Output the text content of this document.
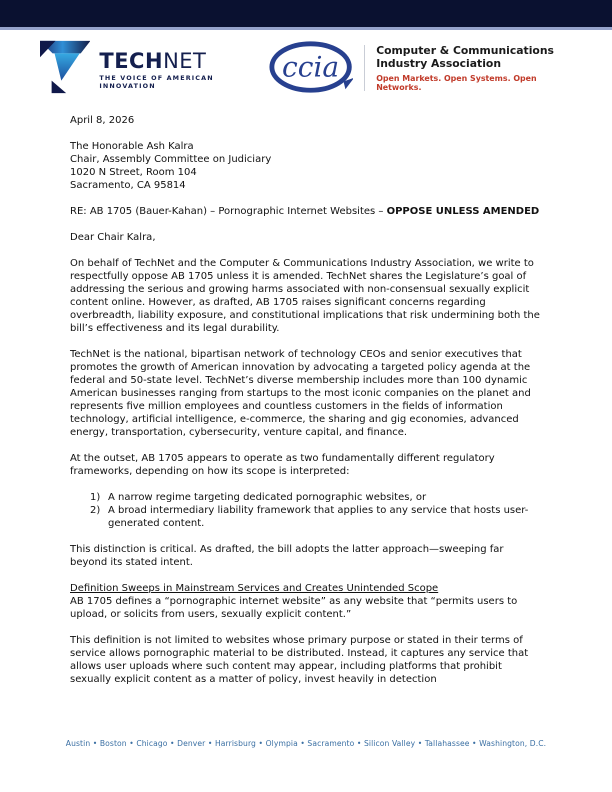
TECHNET
THE VOICE OF AMERICAN INNOVATION
ccia
Computer & Communications
Industry Association
Open Markets. Open Systems. Open Networks.

April 8, 2026

The Honorable Ash Kalra
Chair, Assembly Committee on Judiciary
1020 N Street, Room 104
Sacramento, CA 95814

RE: AB 1705 (Bauer-Kahan) – Pornographic Internet Websites – OPPOSE UNLESS AMENDED

Dear Chair Kalra,

On behalf of TechNet and the Computer & Communications Industry Association, we write to respectfully oppose AB 1705 unless it is amended. TechNet shares the Legislature’s goal of addressing the serious and growing harms associated with non-consensual sexually explicit content online. However, as drafted, AB 1705 raises significant concerns regarding overbreadth, liability exposure, and constitutional implications that risk undermining both the bill’s effectiveness and its legal durability.

TechNet is the national, bipartisan network of technology CEOs and senior executives that promotes the growth of American innovation by advocating a targeted policy agenda at the federal and 50-state level. TechNet’s diverse membership includes more than 100 dynamic American businesses ranging from startups to the most iconic companies on the planet and represents five million employees and countless customers in the fields of information technology, artificial intelligence, e-commerce, the sharing and gig economies, advanced energy, transportation, cybersecurity, venture capital, and finance.

At the outset, AB 1705 appears to operate as two fundamentally different regulatory frameworks, depending on how its scope is interpreted:

1) A narrow regime targeting dedicated pornographic websites, or
2) A broad intermediary liability framework that applies to any service that hosts user-generated content.

This distinction is critical. As drafted, the bill adopts the latter approach—sweeping far beyond its stated intent.

Definition Sweeps in Mainstream Services and Creates Unintended Scope

AB 1705 defines a “pornographic internet website” as any website that “permits users to upload, or solicits from users, sexually explicit content.”

This definition is not limited to websites whose primary purpose or stated in their terms of service allows pornographic material to be distributed. Instead, it captures any service that allows user uploads where such content may appear, including platforms that prohibit sexually explicit content as a matter of policy, invest heavily in detection

Austin • Boston • Chicago • Denver • Harrisburg • Olympia • Sacramento • Silicon Valley • Tallahassee • Washington, D.C.
